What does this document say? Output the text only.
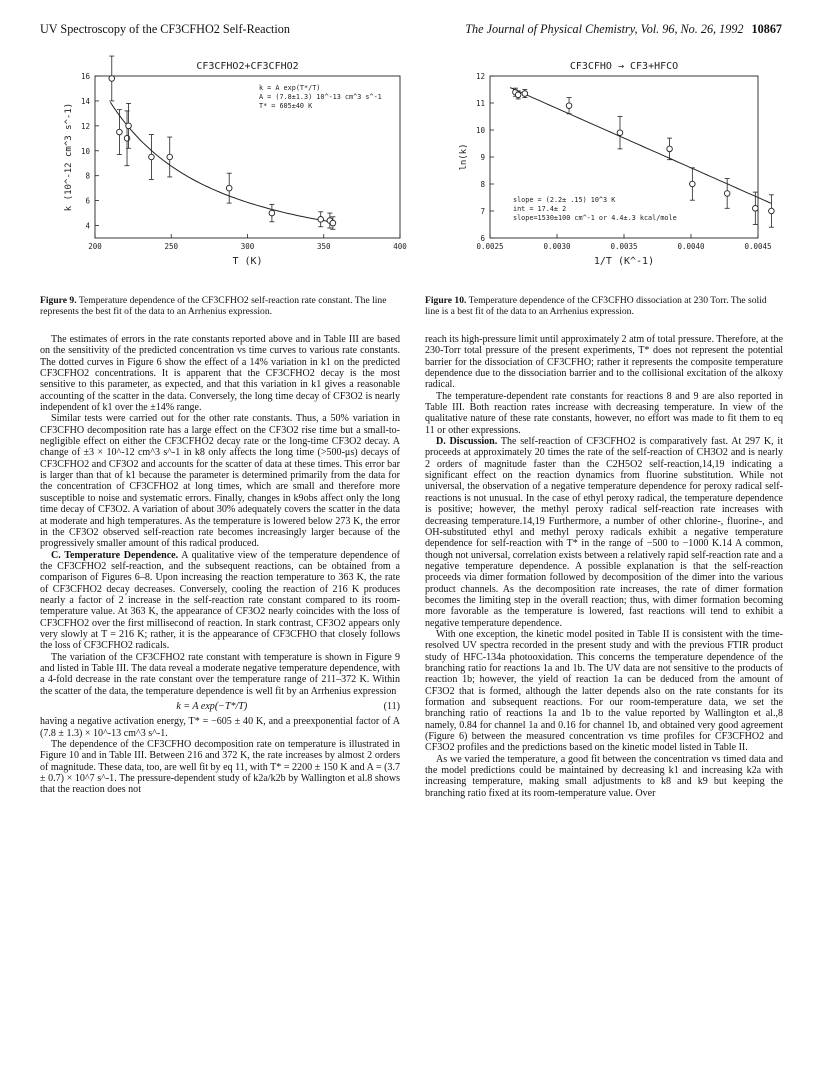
UV Spectroscopy of the CF3CFHO2 Self-Reaction	The Journal of Physical Chemistry, Vol. 96, No. 26, 1992 10867
CF3CFHO2+CF3CFHO2
200	250	300	350	400
4
6
8
10
12
14
16
T (K)
k (10^-12 cm^3 s^-1)
k = A exp(T*/T)
A = (7.8±1.3) 10^-13 cm^3 s^-1
T* = 605±40 K
CF3CFHO → CF3+HFCO
0.0025	0.0030	0.0035	0.0040	0.0045
6
7
8
9
10
11
12
1/T (K^-1)
ln(k)
slope = (2.2± .15) 10^3 K
int = 17.4± 2
slope=1530±100 cm^-1 or 4.4±.3 kcal/mole
Figure 9. Temperature dependence of the CF3CFHO2 self-reaction rate constant. The line represents the best fit of the data to an Arrhenius expression.
Figure 10. Temperature dependence of the CF3CFHO dissociation at 230 Torr. The solid line is a best fit of the data to an Arrhenius expression.

The estimates of errors in the rate constants reported above and in Table III are based on the sensitivity of the predicted concentration vs time curves to various rate constants. The dotted curves in Figure 6 show the effect of a 14% variation in k1 on the predicted CF3CFHO2 concentrations. It is apparent that the CF3CFHO2 decay is the most sensitive to this parameter, as expected, and that this variation in k1 gives a reasonable accounting of the scatter in the data. Conversely, the long time decay of CF3O2 is nearly independent of k1 over the ±14% range.

Similar tests were carried out for the other rate constants. Thus, a 50% variation in CF3CFHO decomposition rate has a large effect on the CF3O2 rise time but a small-to-negligible effect on either the CF3CFHO2 decay rate or the long-time CF3O2 decay. A change of ±3 × 10^-12 cm^3 s^-1 in k8 only affects the long time (>500-μs) decays of CF3CFHO2 and CF3O2 and accounts for the scatter of data at these times. This error bar is larger than that of k1 because the parameter is determined primarily from the data for the concentration of CF3CFHO2 at long times, which are small and therefore more susceptible to noise and systematic errors. Finally, changes in k9obs affect only the long time decay of CF3O2. A variation of about 30% adequately covers the scatter in the data at moderate and high temperatures. As the temperature is lowered below 273 K, the error in the CF3O2 observed self-reaction rate becomes increasingly larger because of the progressively smaller amount of this radical produced.

C. Temperature Dependence. A qualitative view of the temperature dependence of the CF3CFHO2 self-reaction, and the subsequent reactions, can be obtained from a comparison of Figures 6–8. Upon increasing the reaction temperature to 363 K, the rate of CF3CFHO2 decay decreases. Conversely, cooling the reaction of 216 K produces nearly a factor of 2 increase in the self-reaction rate constant compared to its room-temperature value. At 363 K, the appearance of CF3O2 nearly coincides with the loss of CF3CFHO2 over the first millisecond of reaction. In stark contrast, CF3O2 appears only very slowly at T = 216 K; rather, it is the appearance of CF3CFHO that closely follows the loss of CF3CFHO2 radicals.

The variation of the CF3CFHO2 rate constant with temperature is shown in Figure 9 and listed in Table III. The data reveal a moderate negative temperature dependence, with a 4-fold decrease in the rate constant over the temperature range of 211–372 K. Within the scatter of the data, the temperature dependence is well fit by an Arrhenius expression

k = A exp(−T*/T)	(11)

having a negative activation energy, T* = −605 ± 40 K, and a preexponential factor of A (7.8 ± 1.3) × 10^-13 cm^3 s^-1.

The dependence of the CF3CFHO decomposition rate on temperature is illustrated in Figure 10 and in Table III. Between 216 and 372 K, the rate increases by almost 2 orders of magnitude. These data, too, are well fit by eq 11, with T* = 2200 ± 150 K and A = (3.7 ± 0.7) × 10^7 s^-1. The pressure-dependent study of k2a/k2b by Wallington et al.8 shows that the reaction does not

reach its high-pressure limit until approximately 2 atm of total pressure. Therefore, at the 230-Torr total pressure of the present experiments, T* does not represent the potential barrier for the dissociation of CF3CFHO; rather it represents the composite temperature dependence due to the dissociation barrier and to the collisional excitation of the alkoxy radical.

The temperature-dependent rate constants for reactions 8 and 9 are also reported in Table III. Both reaction rates increase with decreasing temperature. In view of the qualitative nature of these rate constants, however, no effort was made to fit them to eq 11 or other expressions.

D. Discussion. The self-reaction of CF3CFHO2 is comparatively fast. At 297 K, it proceeds at approximately 20 times the rate of the self-reaction of CH3O2 and is nearly 2 orders of magnitude faster than the C2H5O2 self-reaction,14,19 indicating a significant effect on the reaction dynamics from fluorine substitution. While not universal, the observation of a negative temperature dependence for peroxy radical self-reactions is not unusual. In the case of ethyl peroxy radical, the temperature dependence is positive; however, the methyl peroxy radical self-reaction rate increases with decreasing temperature.14,19 Furthermore, a number of other chlorine-, fluorine-, and OH-substituted ethyl and methyl peroxy radicals exhibit a negative temperature dependence for self-reaction with T* in the range of −500 to −1000 K.14 A common, though not universal, correlation exists between a relatively rapid self-reaction rate and a negative temperature dependence. A possible explanation is that the self-reaction proceeds via dimer formation followed by decomposition of the dimer into the various product channels. As the decomposition rate increases, the rate of dimer formation becomes the limiting step in the overall reaction; thus, with dimer formation becoming more favorable as the temperature is lowered, fast reactions will tend to exhibit a negative temperature dependence.

With one exception, the kinetic model posited in Table II is consistent with the time-resolved UV spectra recorded in the present study and with the previous FTIR product study of HFC-134a photooxidation. This concerns the temperature dependence of the branching ratio for reactions 1a and 1b. The UV data are not sensitive to the products of reaction 1b; however, the yield of reaction 1a can be deduced from the amount of CF3O2 that is formed, although the latter depends also on the rate constants for its formation and subsequent reactions. For our room-temperature data, we set the branching ratio of reactions 1a and 1b to the value reported by Wallington et al.,8 namely, 0.84 for channel 1a and 0.16 for channel 1b, and obtained very good agreement (Figure 6) between the measured concentration vs time profiles for CF3CFHO2 and CF3O2 profiles and the predictions based on the kinetic model listed in Table II.

As we varied the temperature, a good fit between the concentration vs timed data and the model predictions could be maintained by decreasing k1 and increasing k2a with increasing temperature, making small adjustments to k8 and k9 but keeping the branching ratio fixed at its room-temperature value. Over
